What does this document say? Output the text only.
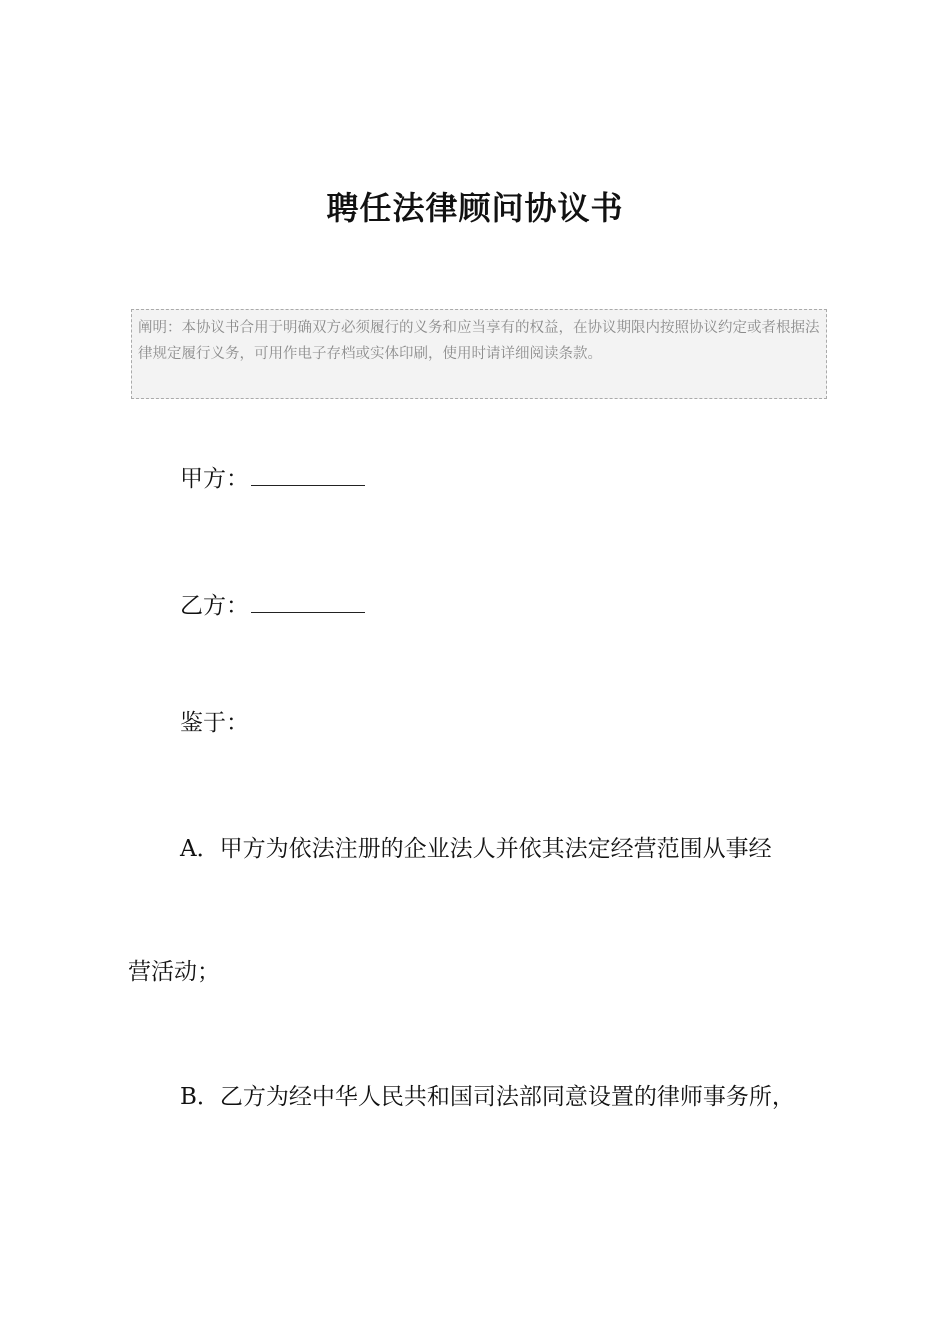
聘任法律顾问协议书
阐明：本协议书合用于明确双方必须履行的义务和应当享有的权益，在协议期限内按照协议约定或者根据法律规定履行义务，可用作电子存档或实体印刷，使用时请详细阅读条款。

甲方：

乙方：

鉴于：

A．甲方为依法注册的企业法人并依其法定经营范围从事经

营活动；

B．乙方为经中华人民共和国司法部同意设置的律师事务所，
